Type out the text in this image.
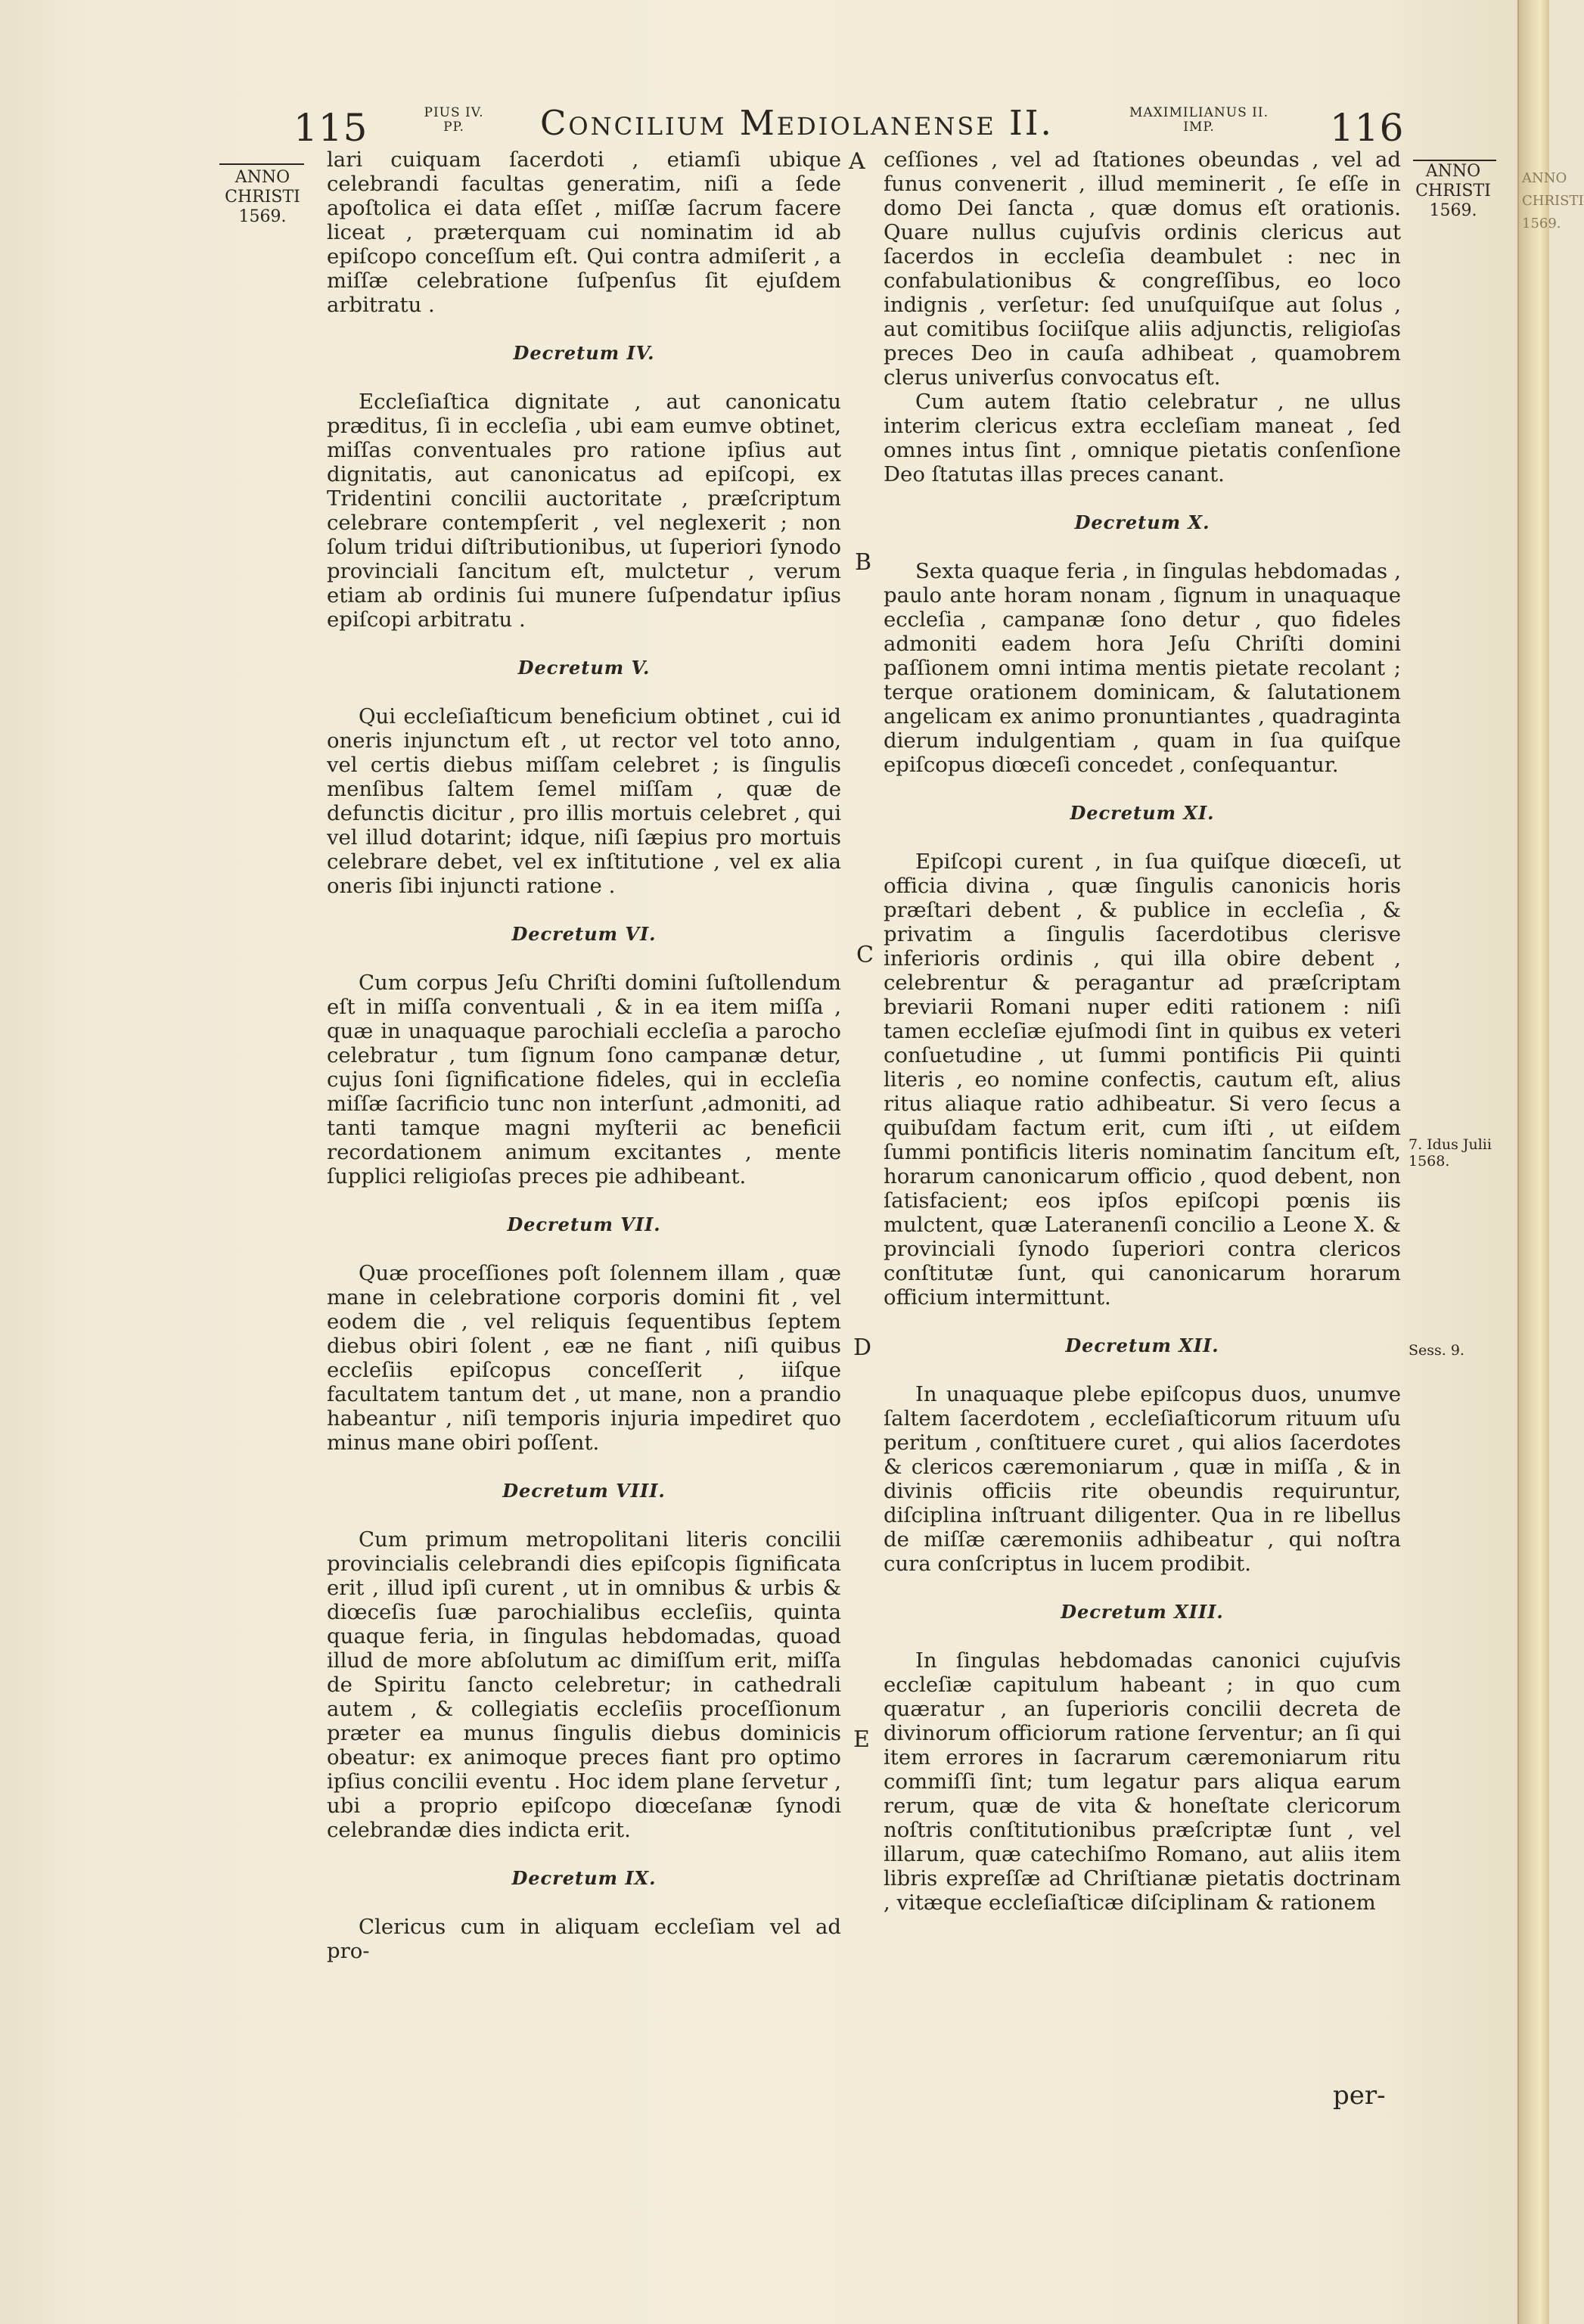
ANNO
CHRISTI
1569.
115	PIUS IV.
PP.	Concilium Mediolanense II.	MAXIMILIANUS II.
IMP.	116
ANNO
CHRISTI
1569.
ANNO
CHRISTI
1569.
7. Idus Julii
1568.
Sess. 9.
A
B
C
D
E

lari cuiquam ſacerdoti , etiamſi ubique celebrandi facultas generatim, niſi a ſede apoſtolica ei data eſſet , miſſæ ſacrum facere liceat , præterquam cui nominatim id ab epiſcopo conceſſum eſt. Qui contra admiſerit , a miſſæ celebratione ſuſpenſus ſit ejuſdem arbitratu .

Decretum IV.

Eccleſiaſtica dignitate , aut canonicatu præditus, ſi in eccleſia , ubi eam eumve obtinet, miſſas conventuales pro ratione ipſius aut dignitatis, aut canonicatus ad epiſcopi, ex Tridentini concilii auctoritate , præſcriptum celebrare contempſerit , vel neglexerit ; non ſolum tridui diſtributionibus, ut ſuperiori ſynodo provinciali ſancitum eſt, mulctetur , verum etiam ab ordinis ſui munere ſuſpendatur ipſius epiſcopi arbitratu .

Decretum V.

Qui eccleſiaſticum beneficium obtinet , cui id oneris injunctum eſt , ut rector vel toto anno, vel certis diebus miſſam celebret ; is ſingulis menſibus ſaltem ſemel miſſam , quæ de defunctis dicitur , pro illis mortuis celebret , qui vel illud dotarint; idque, niſi ſæpius pro mortuis celebrare debet, vel ex inſtitutione , vel ex alia oneris ſibi injuncti ratione .

Decretum VI.

Cum corpus Jeſu Chriſti domini ſuſtollendum eſt in miſſa conventuali , & in ea item miſſa , quæ in unaquaque parochiali eccleſia a parocho celebratur , tum ſignum ſono campanæ detur, cujus ſoni ſignificatione fideles, qui in eccleſia miſſæ ſacrificio tunc non interſunt ,admoniti, ad tanti tamque magni myſterii ac beneficii recordationem animum excitantes , mente ſupplici religioſas preces pie adhibeant.

Decretum VII.

Quæ proceſſiones poſt ſolennem illam , quæ mane in celebratione corporis domini fit , vel eodem die , vel reliquis ſequentibus ſeptem diebus obiri ſolent , eæ ne fiant , niſi quibus eccleſiis epiſcopus conceſſerit , iiſque facultatem tantum det , ut mane, non a prandio habeantur , niſi temporis injuria impediret quo minus mane obiri poſſent.

Decretum VIII.

Cum primum metropolitani literis concilii provincialis celebrandi dies epiſcopis ſignificata erit , illud ipſi curent , ut in omnibus & urbis & diœceſis ſuæ parochialibus eccleſiis, quinta quaque feria, in ſingulas hebdomadas, quoad illud de more abſolutum ac dimiſſum erit, miſſa de Spiritu ſancto celebretur; in cathedrali autem , & collegiatis eccleſiis proceſſionum præter ea munus ſingulis diebus dominicis obeatur: ex animoque preces fiant pro optimo ipſius concilii eventu . Hoc idem plane ſervetur , ubi a proprio epiſcopo diœceſanæ ſynodi celebrandæ dies indicta erit.

Decretum IX.

Clericus cum in aliquam eccleſiam vel ad pro-

ceſſiones , vel ad ſtationes obeundas , vel ad funus convenerit , illud meminerit , ſe eſſe in domo Dei ſancta , quæ domus eſt orationis. Quare nullus cujuſvis ordinis clericus aut ſacerdos in eccleſia deambulet : nec in confabulationibus & congreſſibus, eo loco indignis , verſetur: ſed unuſquiſque aut ſolus , aut comitibus ſociiſque aliis adjunctis, religioſas preces Deo in cauſa adhibeat , quamobrem clerus univerſus convocatus eſt.

Cum autem ſtatio celebratur , ne ullus interim clericus extra eccleſiam maneat , ſed omnes intus ſint , omnique pietatis conſenſione Deo ſtatutas illas preces canant.

Decretum X.

Sexta quaque feria , in ſingulas hebdomadas , paulo ante horam nonam , ſignum in unaquaque eccleſia , campanæ ſono detur , quo fideles admoniti eadem hora Jeſu Chriſti domini paſſionem omni intima mentis pietate recolant ; terque orationem dominicam, & ſalutationem angelicam ex animo pronuntiantes , quadraginta dierum indulgentiam , quam in ſua quiſque epiſcopus diœceſi concedet , conſequantur.

Decretum XI.

Epiſcopi curent , in ſua quiſque diœceſi, ut officia divina , quæ ſingulis canonicis horis præſtari debent , & publice in eccleſia , & privatim a ſingulis ſacerdotibus clerisve inferioris ordinis , qui illa obire debent , celebrentur & peragantur ad præſcriptam breviarii Romani nuper editi rationem : niſi tamen eccleſiæ ejuſmodi ſint in quibus ex veteri conſuetudine , ut ſummi pontificis Pii quinti literis , eo nomine confectis, cautum eſt, alius ritus aliaque ratio adhibeatur. Si vero ſecus a quibuſdam factum erit, cum iſti , ut eiſdem ſummi pontificis literis nominatim ſancitum eſt, horarum canonicarum officio , quod debent, non ſatisfacient; eos ipſos epiſcopi pœnis iis mulctent, quæ Lateranenſi concilio a Leone X. & provinciali ſynodo ſuperiori contra clericos conſtitutæ ſunt, qui canonicarum horarum officium intermittunt.

Decretum XII.

In unaquaque plebe epiſcopus duos, unumve ſaltem ſacerdotem , eccleſiaſticorum rituum uſu peritum , conſtituere curet , qui alios ſacerdotes & clericos cæremoniarum , quæ in miſſa , & in divinis officiis rite obeundis requiruntur, diſciplina inſtruant diligenter. Qua in re libellus de miſſæ cæremoniis adhibeatur , qui noſtra cura conſcriptus in lucem prodibit.

Decretum XIII.

In ſingulas hebdomadas canonici cujuſvis eccleſiæ capitulum habeant ; in quo cum quæratur , an ſuperioris concilii decreta de divinorum officiorum ratione ſerventur; an ſi qui item errores in ſacrarum cæremoniarum ritu commiſſi ſint; tum legatur pars aliqua earum rerum, quæ de vita & honeſtate clericorum noſtris conſtitutionibus præſcriptæ ſunt , vel illarum, quæ catechiſmo Romano, aut aliis item libris expreſſæ ad Chriſtianæ pietatis doctrinam , vitæque eccleſiaſticæ diſciplinam & rationem

per-
